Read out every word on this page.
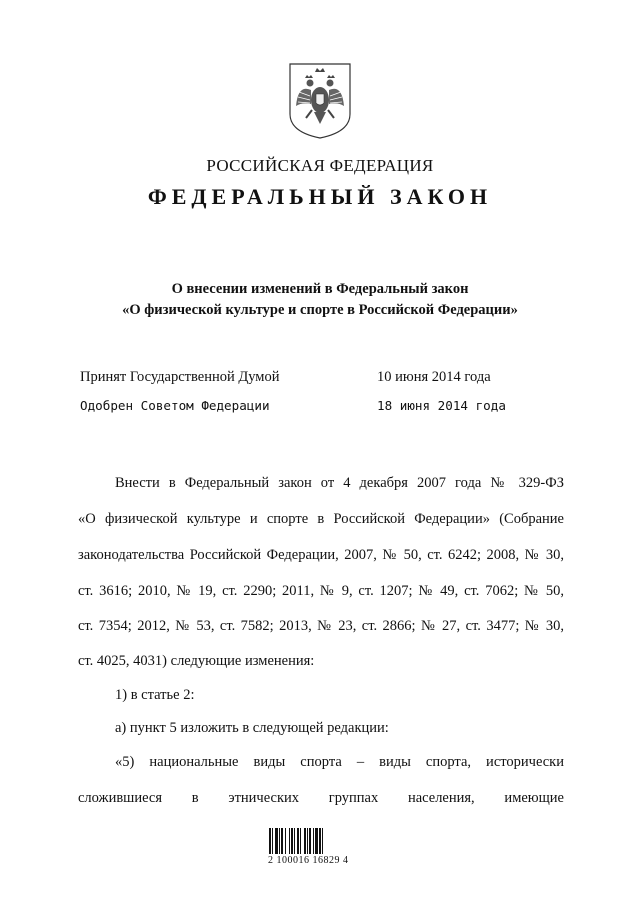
РОССИЙСКАЯ ФЕДЕРАЦИЯ
ФЕДЕРАЛЬНЫЙ ЗАКОН
О внесении изменений в Федеральный закон
«О физической культуре и спорте в Российской Федерации»
Принят Государственной Думой	10 июня 2014 года
Одобрен Советом Федерации	18 июня 2014 года
Внести в Федеральный закон от 4 декабря 2007 года № 329-ФЗ
«О физической культуре и спорте в Российской Федерации» (Собрание
законодательства Российской Федерации, 2007, № 50, ст. 6242; 2008, № 30,
ст. 3616; 2010, № 19, ст. 2290; 2011, № 9, ст. 1207; № 49, ст. 7062; № 50,
ст. 7354; 2012, № 53, ст. 7582; 2013, № 23, ст. 2866; № 27, ст. 3477; № 30,
ст. 4025, 4031) следующие изменения:
1) в статье 2:
а) пункт 5 изложить в следующей редакции:
«5) национальные виды спорта – виды спорта, исторически
сложившиеся в этнических группах населения, имеющие
2 100016 16829 4
